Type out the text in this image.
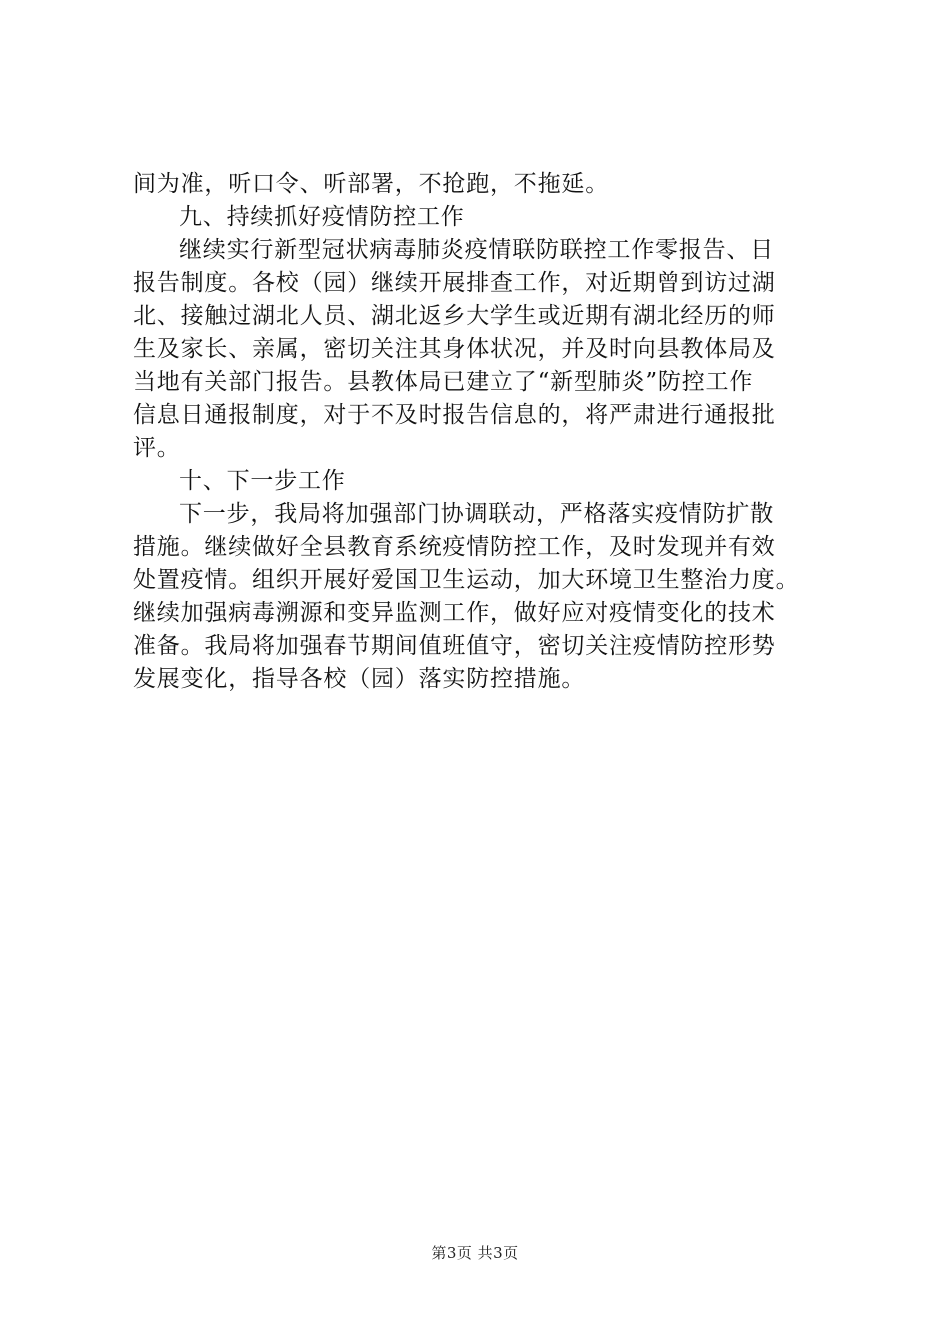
间为准，听口令、听部署，不抢跑，不拖延。
九、持续抓好疫情防控工作
继续实行新型冠状病毒肺炎疫情联防联控工作零报告、日
报告制度。各校（园）继续开展排查工作，对近期曾到访过湖
北、接触过湖北人员、湖北返乡大学生或近期有湖北经历的师
生及家长、亲属，密切关注其身体状况，并及时向县教体局及
当地有关部门报告。县教体局已建立了“新型肺炎”防控工作
信息日通报制度，对于不及时报告信息的，将严肃进行通报批
评。
十、下一步工作
下一步，我局将加强部门协调联动，严格落实疫情防扩散
措施。继续做好全县教育系统疫情防控工作，及时发现并有效
处置疫情。组织开展好爱国卫生运动，加大环境卫生整治力度。
继续加强病毒溯源和变异监测工作，做好应对疫情变化的技术
准备。我局将加强春节期间值班值守，密切关注疫情防控形势
发展变化，指导各校（园）落实防控措施。
第3页 共3页
